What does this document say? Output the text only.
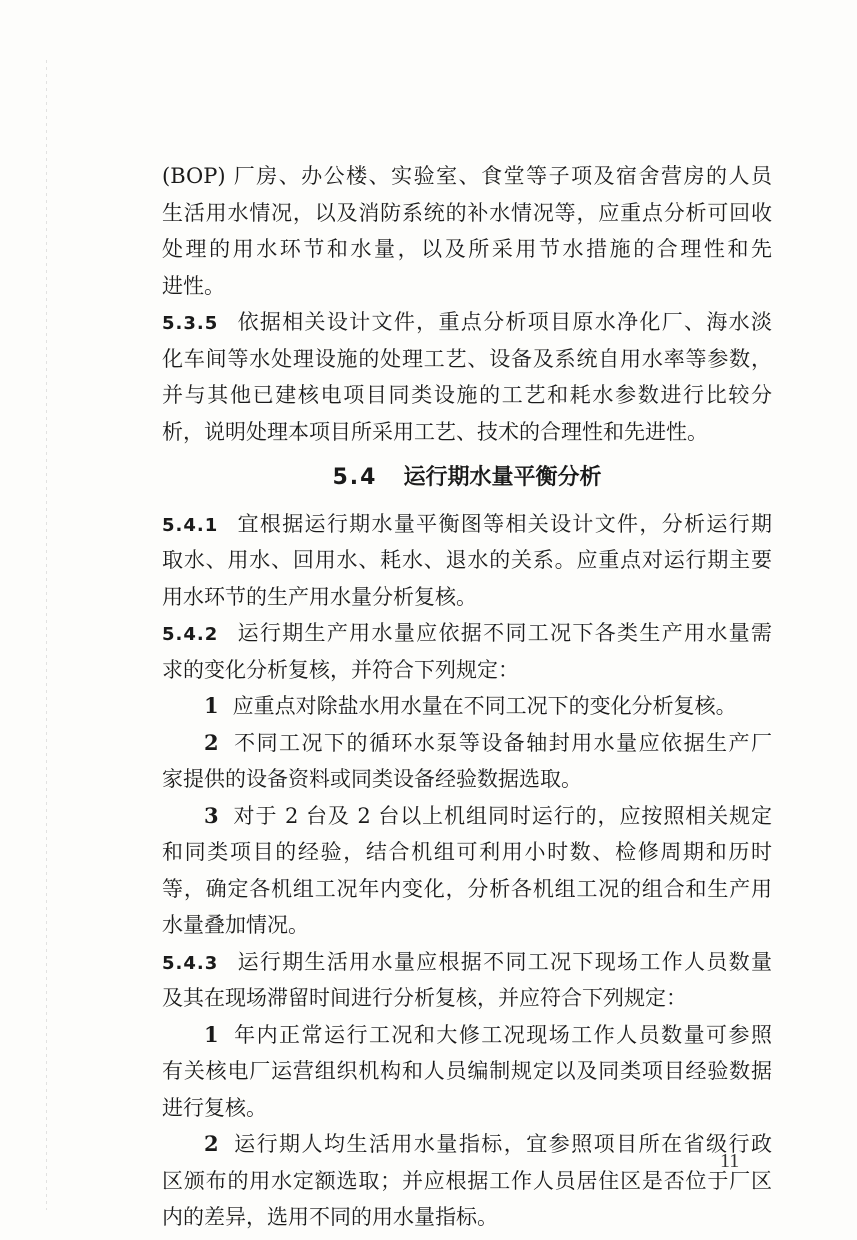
(BOP) 厂房、办公楼、实验室、食堂等子项及宿舍营房的人员
生活用水情况，以及消防系统的补水情况等，应重点分析可回收
处理的用水环节和水量，以及所采用节水措施的合理性和先
进性。
5.3.5 依据相关设计文件，重点分析项目原水净化厂、海水淡
化车间等水处理设施的处理工艺、设备及系统自用水率等参数，
并与其他已建核电项目同类设施的工艺和耗水参数进行比较分
析，说明处理本项目所采用工艺、技术的合理性和先进性。
5.4 运行期水量平衡分析
5.4.1 宜根据运行期水量平衡图等相关设计文件，分析运行期
取水、用水、回用水、耗水、退水的关系。应重点对运行期主要
用水环节的生产用水量分析复核。
5.4.2 运行期生产用水量应依据不同工况下各类生产用水量需
求的变化分析复核，并符合下列规定：
1 应重点对除盐水用水量在不同工况下的变化分析复核。
2 不同工况下的循环水泵等设备轴封用水量应依据生产厂
家提供的设备资料或同类设备经验数据选取。
3 对于 2 台及 2 台以上机组同时运行的，应按照相关规定
和同类项目的经验，结合机组可利用小时数、检修周期和历时
等，确定各机组工况年内变化，分析各机组工况的组合和生产用
水量叠加情况。
5.4.3 运行期生活用水量应根据不同工况下现场工作人员数量
及其在现场滞留时间进行分析复核，并应符合下列规定：
1 年内正常运行工况和大修工况现场工作人员数量可参照
有关核电厂运营组织机构和人员编制规定以及同类项目经验数据
进行复核。
2 运行期人均生活用水量指标，宜参照项目所在省级行政
区颁布的用水定额选取；并应根据工作人员居住区是否位于厂区
内的差异，选用不同的用水量指标。
11
